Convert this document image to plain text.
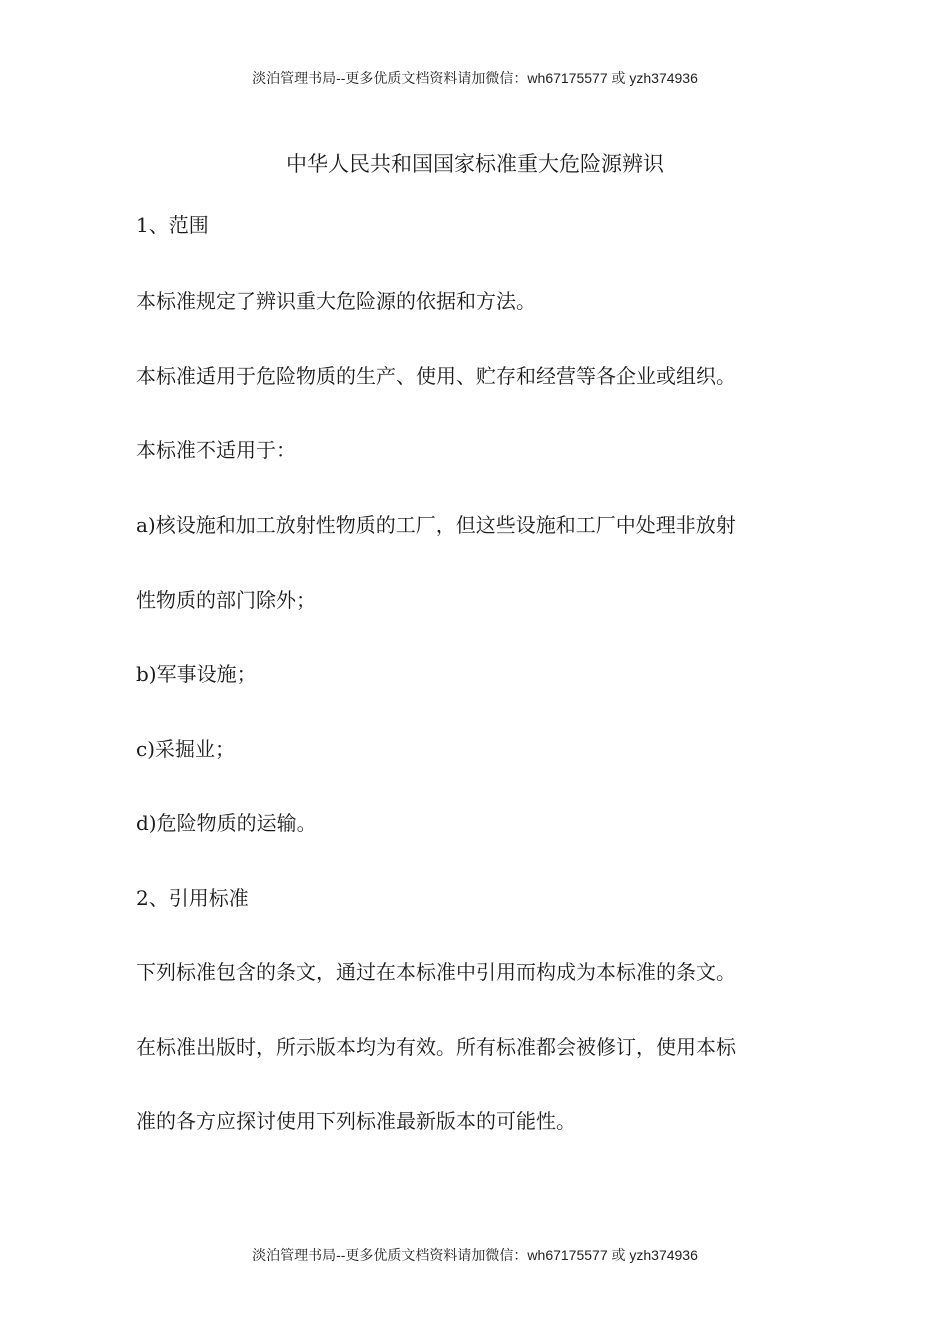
淡泊管理书局--更多优质文档资料请加微信：wh67175577 或 yzh374936
中华人民共和国国家标准重大危险源辨识
1、范围
本标准规定了辨识重大危险源的依据和方法。
本标准适用于危险物质的生产、使用、贮存和经营等各企业或组织。
本标准不适用于：
a)核设施和加工放射性物质的工厂，但这些设施和工厂中处理非放射
性物质的部门除外；
b)军事设施；
c)采掘业；
d)危险物质的运输。
2、引用标准
下列标准包含的条文，通过在本标准中引用而构成为本标准的条文。
在标准出版时，所示版本均为有效。所有标准都会被修订，使用本标
准的各方应探讨使用下列标准最新版本的可能性。
淡泊管理书局--更多优质文档资料请加微信：wh67175577 或 yzh374936
